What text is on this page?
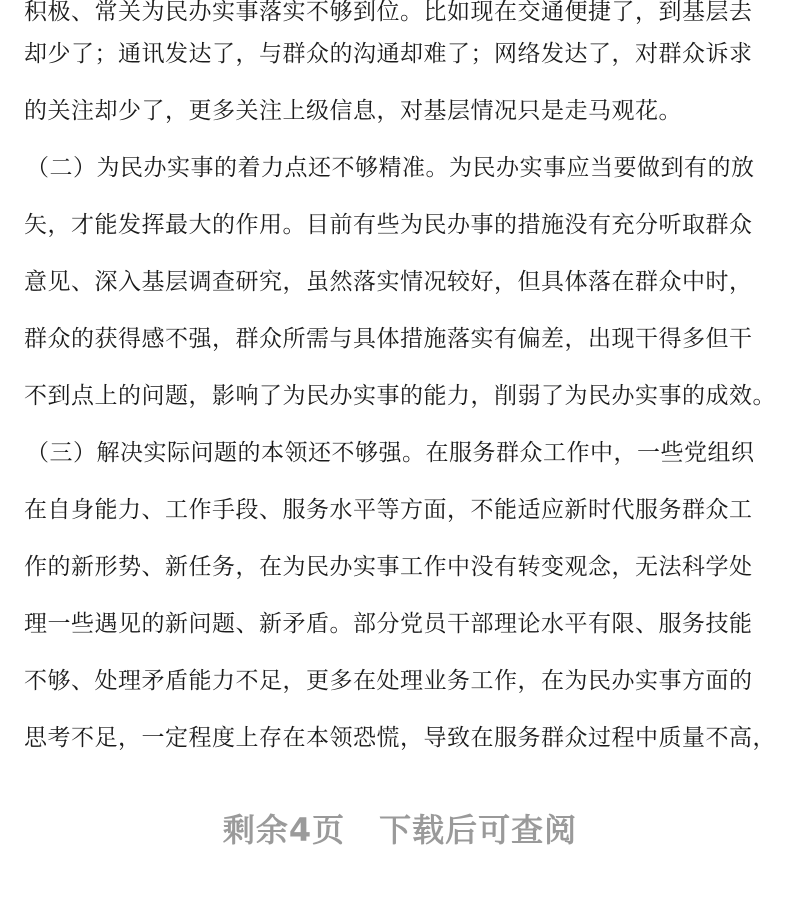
积极、常关为民办实事落实不够到位。比如现在交通便捷了，到基层去
却少了；通讯发达了，与群众的沟通却难了；网络发达了，对群众诉求
的关注却少了，更多关注上级信息，对基层情况只是走马观花。
（二）为民办实事的着力点还不够精准。为民办实事应当要做到有的放
矢，才能发挥最大的作用。目前有些为民办事的措施没有充分听取群众
意见、深入基层调查研究，虽然落实情况较好，但具体落在群众中时，
群众的获得感不强，群众所需与具体措施落实有偏差，出现干得多但干
不到点上的问题，影响了为民办实事的能力，削弱了为民办实事的成效。
（三）解决实际问题的本领还不够强。在服务群众工作中，一些党组织
在自身能力、工作手段、服务水平等方面，不能适应新时代服务群众工
作的新形势、新任务，在为民办实事工作中没有转变观念，无法科学处
理一些遇见的新问题、新矛盾。部分党员干部理论水平有限、服务技能
不够、处理矛盾能力不足，更多在处理业务工作，在为民办实事方面的
思考不足，一定程度上存在本领恐慌，导致在服务群众过程中质量不高，
剩余4页 下载后可查阅
